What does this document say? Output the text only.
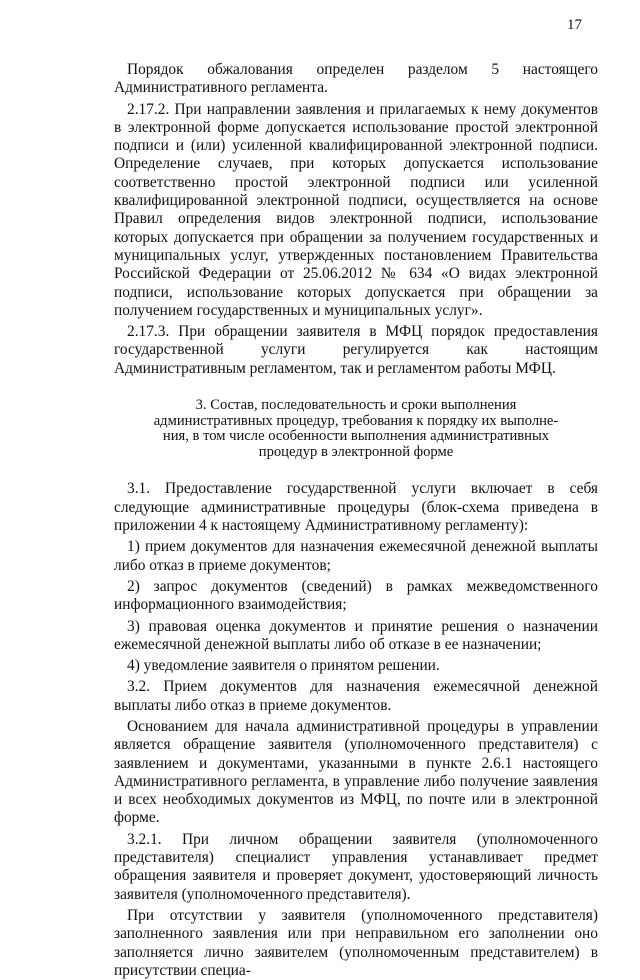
17

Порядок обжалования определен разделом 5 настоящего Административного регламента.

2.17.2. При направлении заявления и прилагаемых к нему документов в электронной форме допускается использование простой электронной подписи и (или) усиленной квалифицированной электронной подписи. Определение случаев, при которых допускается использование соответственно простой электронной подписи или усиленной квалифицированной электронной подписи, осуществляется на основе Правил определения видов электронной подписи, использование которых допускается при обращении за получением государственных и муниципальных услуг, утвержденных постановлением Правительства Российской Федерации от 25.06.2012 № 634 «О видах электронной подписи, использование которых допускается при обращении за получением государственных и муниципальных услуг».

2.17.3. При обращении заявителя в МФЦ порядок предоставления государственной услуги регулируется как настоящим Административным регламентом, так и регламентом работы МФЦ.

3. Состав, последовательность и сроки выполнения
административных процедур, требования к порядку их выполне-
ния, в том числе особенности выполнения административных
процедур в электронной форме

3.1. Предоставление государственной услуги включает в себя следующие административные процедуры (блок-схема приведена в приложении 4 к настоящему Административному регламенту):

1) прием документов для назначения ежемесячной денежной выплаты либо отказ в приеме документов;

2) запрос документов (сведений) в рамках межведомственного информационного взаимодействия;

3) правовая оценка документов и принятие решения о назначении ежемесячной денежной выплаты либо об отказе в ее назначении;

4) уведомление заявителя о принятом решении.

3.2. Прием документов для назначения ежемесячной денежной выплаты либо отказ в приеме документов.

Основанием для начала административной процедуры в управлении является обращение заявителя (уполномоченного представителя) с заявлением и документами, указанными в пункте 2.6.1 настоящего Административного регламента, в управление либо получение заявления и всех необходимых документов из МФЦ, по почте или в электронной форме.

3.2.1. При личном обращении заявителя (уполномоченного представителя) специалист управления устанавливает предмет обращения заявителя и проверяет документ, удостоверяющий личность заявителя (уполномоченного представителя).

При отсутствии у заявителя (уполномоченного представителя) заполненного заявления или при неправильном его заполнении оно заполняется лично заявителем (уполномоченным представителем) в присутствии специа-
